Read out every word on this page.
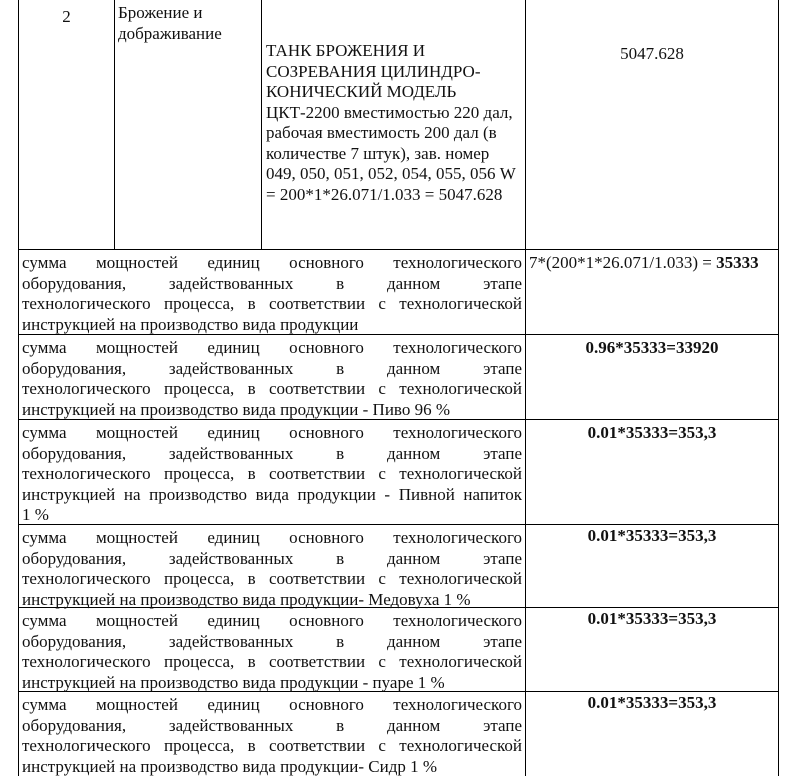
2	Брожение и дображивание
ТАНК БРОЖЕНИЯ И СОЗРЕВАНИЯ ЦИЛИНДРО-КОНИЧЕСКИЙ МОДЕЛЬ ЦКТ-2200 вместимостью 220 дал, рабочая вместимость 200 дал (в количестве 7 штук), зав. номер 049, 050, 051, 052, 054, 055, 056 W = 200*1*26.071/1.033 = 5047.628
5047.628
сумма мощностей единиц основного технологического
оборудования, задействованных в данном этапе
технологического процесса, в соответствии с технологической
инструкцией на производство вида продукции
7*(200*1*26.071/1.033) = 35333
сумма мощностей единиц основного технологического
оборудования, задействованных в данном этапе
технологического процесса, в соответствии с технологической
инструкцией на производство вида продукции - Пиво 96 %
0.96*35333=33920
сумма мощностей единиц основного технологического
оборудования, задействованных в данном этапе
технологического процесса, в соответствии с технологической
инструкцией на производство вида продукции - Пивной напиток
1 %
0.01*35333=353,3
сумма мощностей единиц основного технологического
оборудования, задействованных в данном этапе
технологического процесса, в соответствии с технологической
инструкцией на производство вида продукции- Медовуха 1 %
0.01*35333=353,3
сумма мощностей единиц основного технологического
оборудования, задействованных в данном этапе
технологического процесса, в соответствии с технологической
инструкцией на производство вида продукции - пуаре 1 %
0.01*35333=353,3
сумма мощностей единиц основного технологического
оборудования, задействованных в данном этапе
технологического процесса, в соответствии с технологической
инструкцией на производство вида продукции- Сидр 1 %
0.01*35333=353,3
